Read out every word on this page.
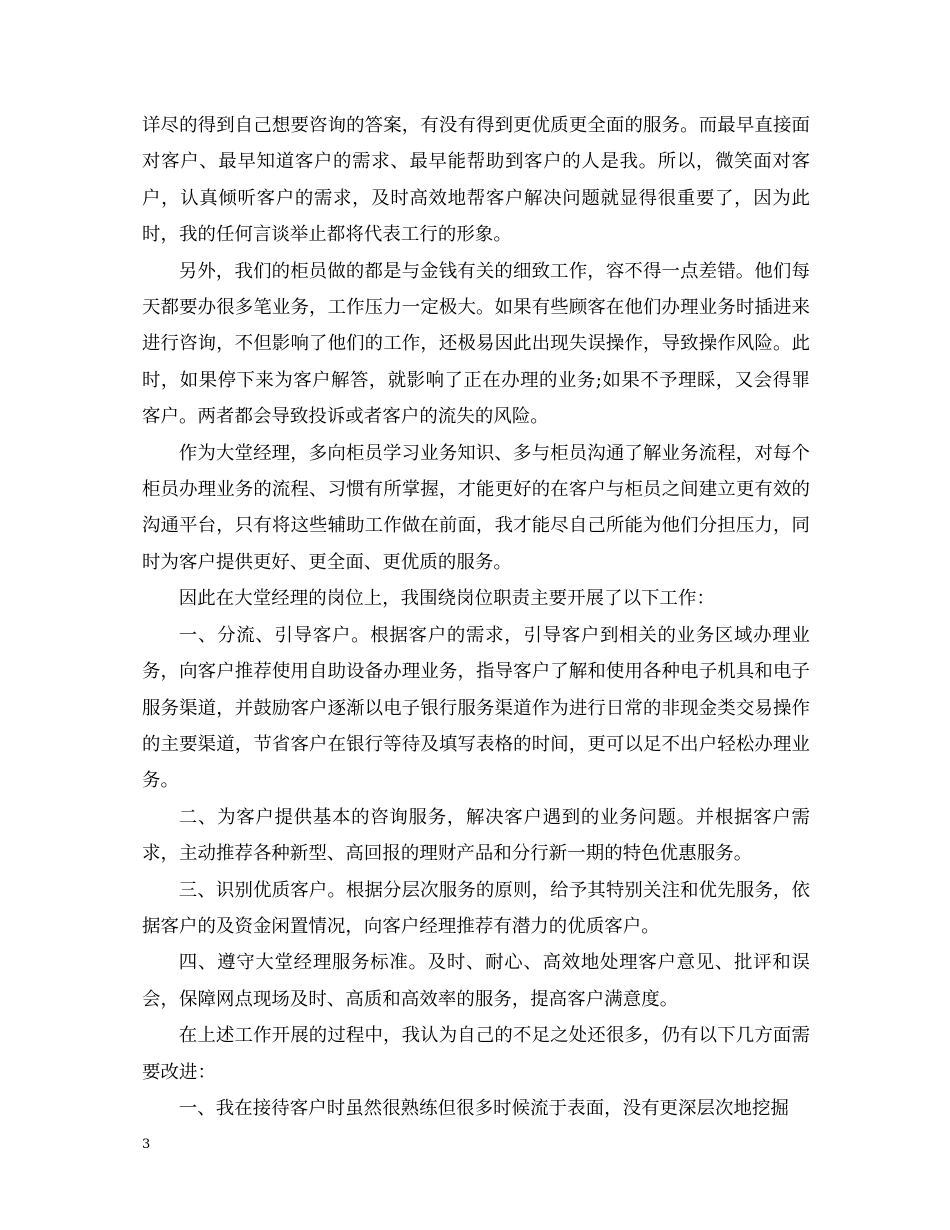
详尽的得到自己想要咨询的答案，有没有得到更优质更全面的服务。而最早直接面对客户、最早知道客户的需求、最早能帮助到客户的人是我。所以，微笑面对客户，认真倾听客户的需求，及时高效地帮客户解决问题就显得很重要了，因为此时，我的任何言谈举止都将代表工行的形象。

另外，我们的柜员做的都是与金钱有关的细致工作，容不得一点差错。他们每天都要办很多笔业务，工作压力一定极大。如果有些顾客在他们办理业务时插进来进行咨询，不但影响了他们的工作，还极易因此出现失误操作，导致操作风险。此时，如果停下来为客户解答，就影响了正在办理的业务;如果不予理睬，又会得罪客户。两者都会导致投诉或者客户的流失的风险。

作为大堂经理，多向柜员学习业务知识、多与柜员沟通了解业务流程，对每个柜员办理业务的流程、习惯有所掌握，才能更好的在客户与柜员之间建立更有效的沟通平台，只有将这些辅助工作做在前面，我才能尽自己所能为他们分担压力，同时为客户提供更好、更全面、更优质的服务。

因此在大堂经理的岗位上，我围绕岗位职责主要开展了以下工作：

一、分流、引导客户。根据客户的需求，引导客户到相关的业务区域办理业务，向客户推荐使用自助设备办理业务，指导客户了解和使用各种电子机具和电子服务渠道，并鼓励客户逐渐以电子银行服务渠道作为进行日常的非现金类交易操作的主要渠道，节省客户在银行等待及填写表格的时间，更可以足不出户轻松办理业务。

二、为客户提供基本的咨询服务，解决客户遇到的业务问题。并根据客户需求，主动推荐各种新型、高回报的理财产品和分行新一期的特色优惠服务。

三、识别优质客户。根据分层次服务的原则，给予其特别关注和优先服务，依据客户的及资金闲置情况，向客户经理推荐有潜力的优质客户。

四、遵守大堂经理服务标准。及时、耐心、高效地处理客户意见、批评和误会，保障网点现场及时、高质和高效率的服务，提高客户满意度。

在上述工作开展的过程中，我认为自己的不足之处还很多，仍有以下几方面需要改进：

一、我在接待客户时虽然很熟练但很多时候流于表面，没有更深层次地挖掘

3
